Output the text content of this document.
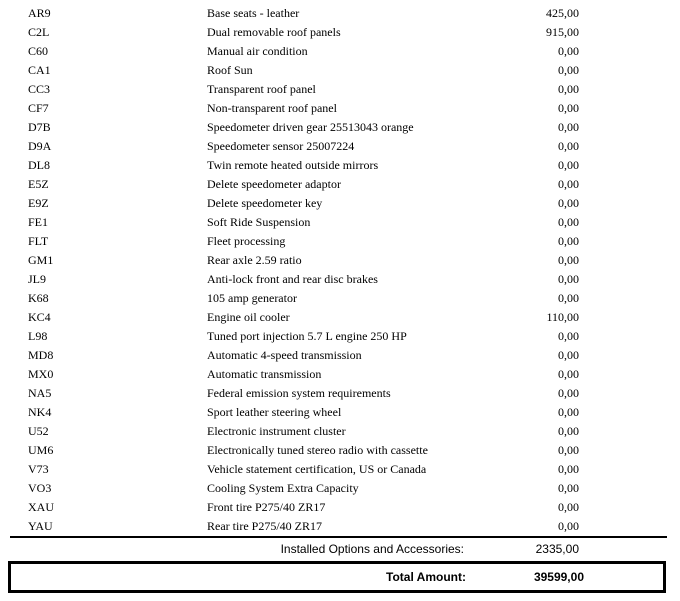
AR9	Base seats - leather	425,00
C2L	Dual removable roof panels	915,00
C60	Manual air condition	0,00
CA1	Roof Sun	0,00
CC3	Transparent roof panel	0,00
CF7	Non-transparent roof panel	0,00
D7B	Speedometer driven gear 25513043 orange	0,00
D9A	Speedometer sensor 25007224	0,00
DL8	Twin remote heated outside mirrors	0,00
E5Z	Delete speedometer adaptor	0,00
E9Z	Delete speedometer key	0,00
FE1	Soft Ride Suspension	0,00
FLT	Fleet processing	0,00
GM1	Rear axle 2.59 ratio	0,00
JL9	Anti-lock front and rear disc brakes	0,00
K68	105 amp generator	0,00
KC4	Engine oil cooler	110,00
L98	Tuned port injection 5.7 L engine 250 HP	0,00
MD8	Automatic 4-speed transmission	0,00
MX0	Automatic transmission	0,00
NA5	Federal emission system requirements	0,00
NK4	Sport leather steering wheel	0,00
U52	Electronic instrument cluster	0,00
UM6	Electronically tuned stereo radio with cassette	0,00
V73	Vehicle statement certification, US or Canada	0,00
VO3	Cooling System Extra Capacity	0,00
XAU	Front tire P275/40 ZR17	0,00
YAU	Rear tire P275/40 ZR17	0,00
Installed Options and Accessories:	2335,00
Total Amount:	39599,00
